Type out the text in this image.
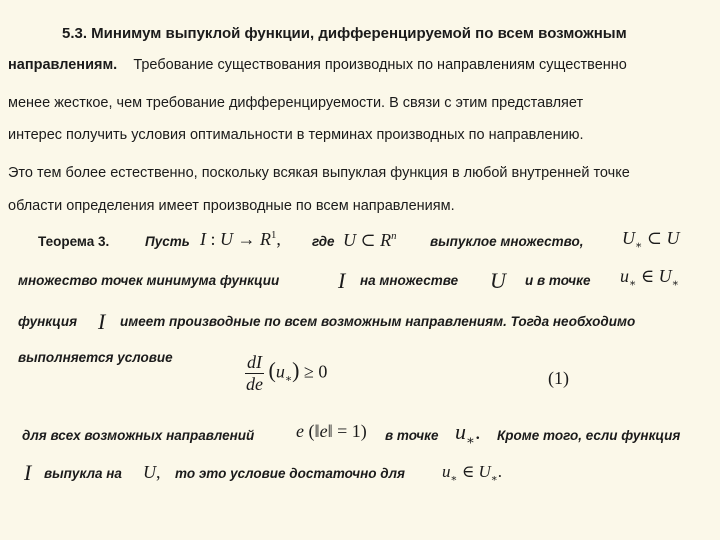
5.3. Минимум выпуклой функции, дифференцируемой по всем возможным
направлениям. Требование существования производных по направлениям существенно
менее жесткое, чем требование дифференцируемости. В связи с этим представляет
интерес получить условия оптимальности в терминах производных по направлению.
Это тем более естественно, поскольку всякая выпуклая функция в любой внутренней точке
области определения имеет производные по всем направлениям.
Теорема 3.	Пусть I : $U \to R^1$, где U ⊂ $R^n$ выпуклое множество, $U_∗$ ⊂ U
множество точек минимума функции	I на множестве U и в точке $u_∗$ ∈ $U_∗$
функция I имеет производные по всем возможным направлениям. Тогда необходимо
выполняется условие	$\frac{dI}{de} (u_∗) \ge 0$	(1)
для всех возможных направлений e (‖e‖ = 1) в точке $u_∗$. Кроме того, если функция
I выпукла на U, то это условие достаточно для $u_∗$ ∈ $U_∗$.
